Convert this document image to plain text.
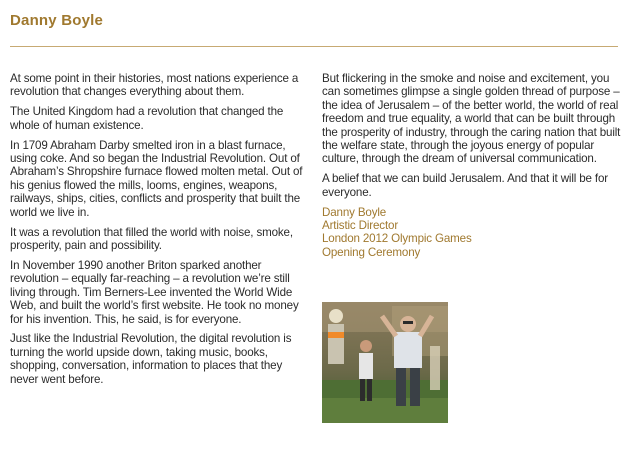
Danny Boyle

At some point in their histories, most nations experience a revolution that changes everything about them.

The United Kingdom had a revolution that changed the whole of human existence.

In 1709 Abraham Darby smelted iron in a blast furnace, using coke. And so began the Industrial Revolution. Out of Abraham’s Shropshire furnace flowed molten metal. Out of his genius flowed the mills, looms, engines, weapons, railways, ships, cities, conflicts and prosperity that built the world we live in.

It was a revolution that filled the world with noise, smoke, prosperity, pain and possibility.

In November 1990 another Briton sparked another revolution – equally far-reaching – a revolution we’re still living through. Tim Berners-Lee invented the World Wide Web, and built the world’s first website. He took no money for his invention. This, he said, is for everyone.

Just like the Industrial Revolution, the digital revolution is turning the world upside down, taking music, books, shopping, conversation, information to places that they never went before.

But flickering in the smoke and noise and excitement, you can sometimes glimpse a single golden thread of purpose – the idea of Jerusalem – of the better world, the world of real freedom and true equality, a world that can be built through the prosperity of industry, through the caring nation that built the welfare state, through the joyous energy of popular culture, through the dream of universal communication.

A belief that we can build Jerusalem. And that it will be for everyone.

Danny Boyle
Artistic Director
London 2012 Olympic Games
Opening Ceremony
